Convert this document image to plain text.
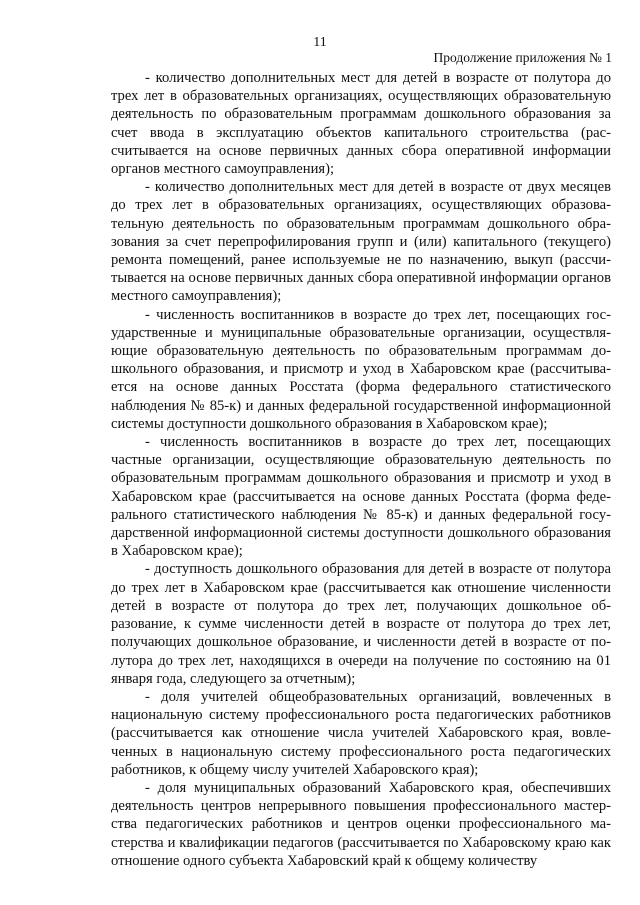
11
Продолжение приложения № 1

- количество дополнительных мест для детей в возрасте от полутора до трех лет в образовательных организациях, осуществляющих образовательную деятельность по образовательным программам дошкольного образования за счет ввода в эксплуатацию объектов капитального строительства (рассчитывается на основе первичных данных сбора оперативной информации органов местного самоуправления);

- количество дополнительных мест для детей в возрасте от двух месяцев до трех лет в образовательных организациях, осуществляющих образовательную деятельность по образовательным программам дошкольного образования за счет перепрофилирования групп и (или) капитального (текущего) ремонта помещений, ранее используемые не по назначению, выкуп (рассчитывается на основе первичных данных сбора оперативной информации органов местного самоуправления);

- численность воспитанников в возрасте до трех лет, посещающих государственные и муниципальные образовательные организации, осуществляющие образовательную деятельность по образовательным программам дошкольного образования, и присмотр и уход в Хабаровском крае (рассчитывается на основе данных Росстата (форма федерального статистического наблюдения № 85-к) и данных федеральной государственной информационной системы доступности дошкольного образования в Хабаровском крае);

- численность воспитанников в возрасте до трех лет, посещающих частные организации, осуществляющие образовательную деятельность по образовательным программам дошкольного образования и присмотр и уход в Хабаровском крае (рассчитывается на основе данных Росстата (форма федерального статистического наблюдения № 85-к) и данных федеральной государственной информационной системы доступности дошкольного образования в Хабаровском крае);

- доступность дошкольного образования для детей в возрасте от полутора до трех лет в Хабаровском крае (рассчитывается как отношение численности детей в возрасте от полутора до трех лет, получающих дошкольное образование, к сумме численности детей в возрасте от полутора до трех лет, получающих дошкольное образование, и численности детей в возрасте от полутора до трех лет, находящихся в очереди на получение по состоянию на 01 января года, следующего за отчетным);

- доля учителей общеобразовательных организаций, вовлеченных в национальную систему профессионального роста педагогических работников (рассчитывается как отношение числа учителей Хабаровского края, вовлеченных в национальную систему профессионального роста педагогических работников, к общему числу учителей Хабаровского края);

- доля муниципальных образований Хабаровского края, обеспечивших деятельность центров непрерывного повышения профессионального мастерства педагогических работников и центров оценки профессионального мастерства и квалификации педагогов (рассчитывается по Хабаровскому краю как отношение одного субъекта Хабаровский край к общему количеству
